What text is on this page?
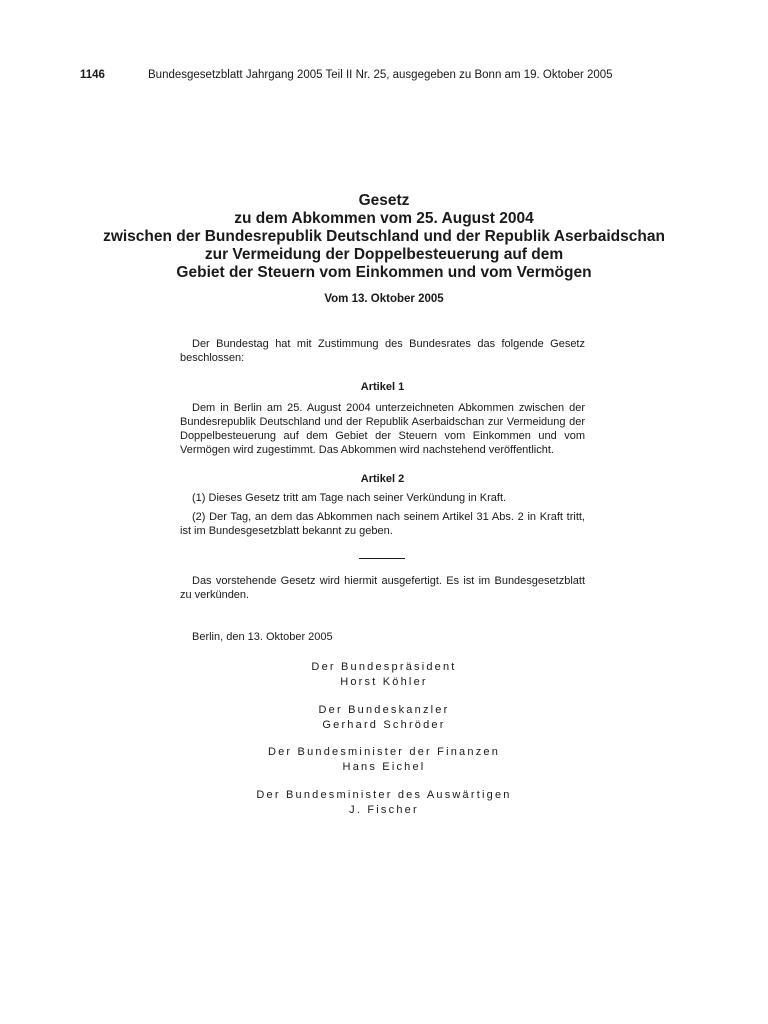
1146	Bundesgesetzblatt Jahrgang 2005 Teil II Nr. 25, ausgegeben zu Bonn am 19. Oktober 2005
Gesetz
zu dem Abkommen vom 25. August 2004
zwischen der Bundesrepublik Deutschland und der Republik Aserbaidschan
zur Vermeidung der Doppelbesteuerung auf dem
Gebiet der Steuern vom Einkommen und vom Vermögen
Vom 13. Oktober 2005

Der Bundestag hat mit Zustimmung des Bundesrates das folgende Gesetz beschlossen:

Artikel 1

Dem in Berlin am 25. August 2004 unterzeichneten Abkommen zwischen der Bundesrepublik Deutschland und der Republik Aserbaidschan zur Vermeidung der Doppelbesteuerung auf dem Gebiet der Steuern vom Einkommen und vom Vermögen wird zugestimmt. Das Abkommen wird nachstehend veröffentlicht.

Artikel 2

(1) Dieses Gesetz tritt am Tage nach seiner Verkündung in Kraft.

(2) Der Tag, an dem das Abkommen nach seinem Artikel 31 Abs. 2 in Kraft tritt, ist im Bundesgesetzblatt bekannt zu geben.

Das vorstehende Gesetz wird hiermit ausgefertigt. Es ist im Bundesgesetzblatt zu verkünden.

Berlin, den 13. Oktober 2005

Der Bundespräsident
Horst Köhler
Der Bundeskanzler
Gerhard Schröder
Der Bundesminister der Finanzen
Hans Eichel
Der Bundesminister des Auswärtigen
J. Fischer
